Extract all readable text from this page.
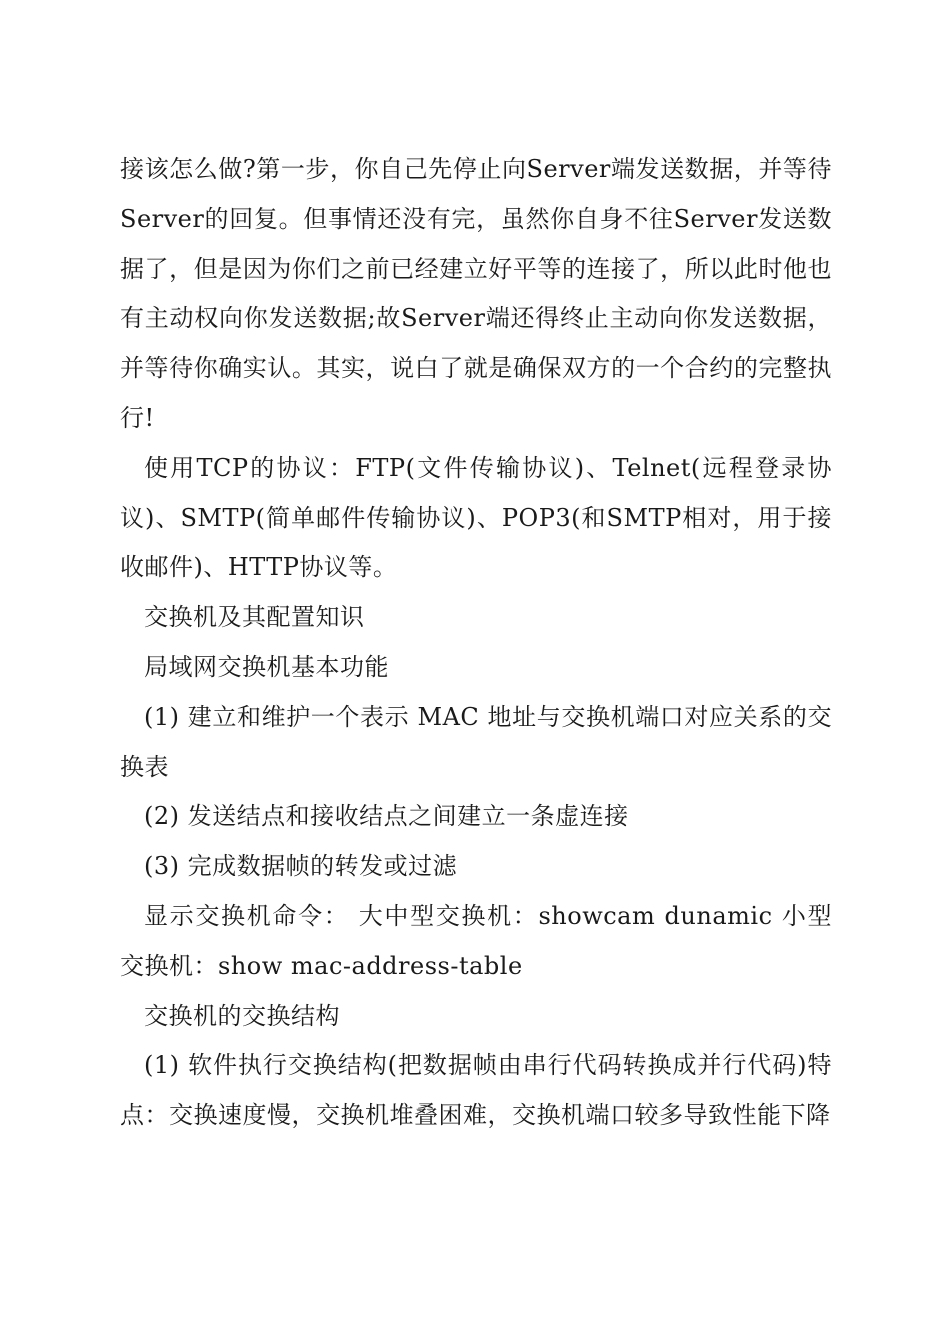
接该怎么做?第一步，你自己先停止向Server端发送数据，并等待Server的回复。但事情还没有完，虽然你自身不往Server发送数据了，但是因为你们之前已经建立好平等的连接了，所以此时他也有主动权向你发送数据;故Server端还得终止主动向你发送数据，并等待你确实认。其实，说白了就是确保双方的一个合约的完整执行!

使用TCP的协议：FTP(文件传输协议)、Telnet(远程登录协议)、SMTP(简单邮件传输协议)、POP3(和SMTP相对，用于接收邮件)、HTTP协议等。

交换机及其配置知识

局域网交换机基本功能

(1) 建立和维护一个表示 MAC 地址与交换机端口对应关系的交换表

(2) 发送结点和接收结点之间建立一条虚连接

(3) 完成数据帧的转发或过滤

显示交换机命令： 大中型交换机：showcam dunamic 小型交换机：show mac-address-table

交换机的交换结构

(1) 软件执行交换结构(把数据帧由串行代码转换成并行代码)特点：交换速度慢，交换机堆叠困难，交换机端口较多导致性能下降
